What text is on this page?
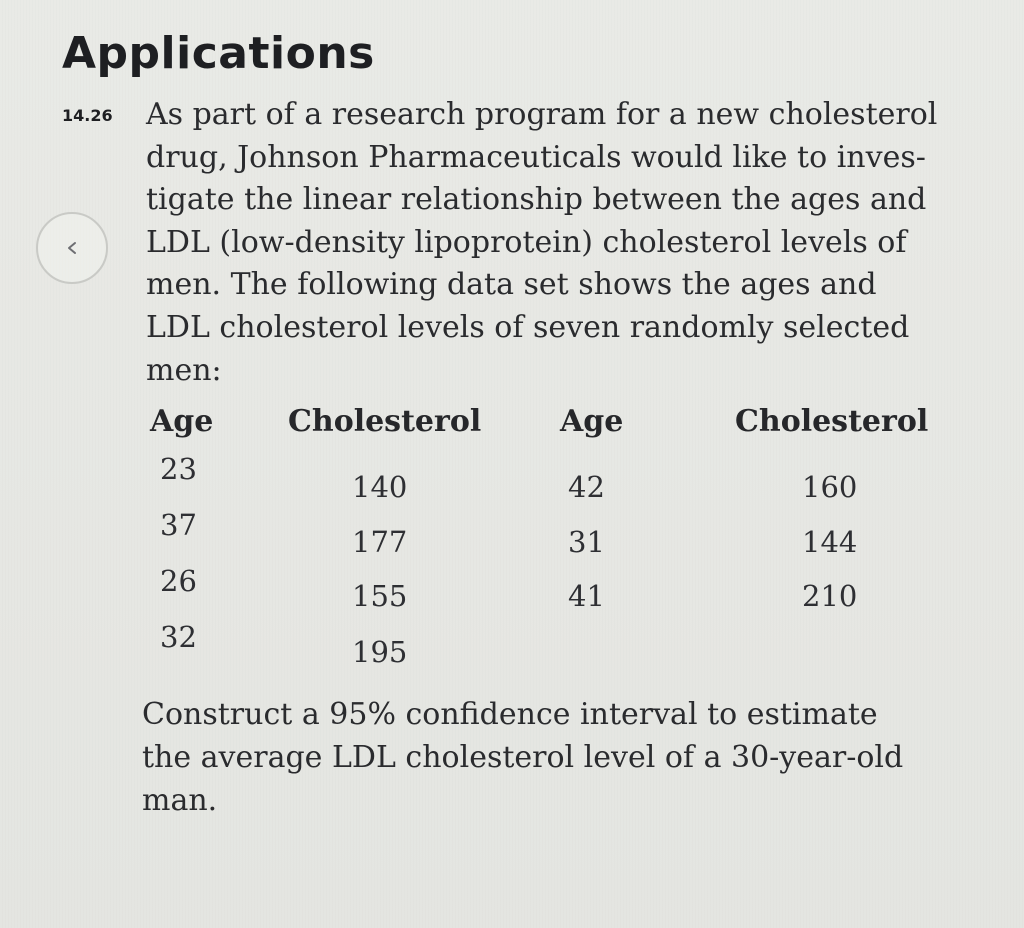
Applications
14.26 As part of a research program for a new cholesterol
drug, Johnson Pharmaceuticals would like to inves-
tigate the linear relationship between the ages and
LDL (low-density lipoprotein) cholesterol levels of
men. The following data set shows the ages and
LDL cholesterol levels of seven randomly selected
men:

Age Cholesterol	Age	Cholesterol
23
37
26
32
140
177
155
195
42
31
41
160
144
210

Construct a 95% confidence interval to estimate
the average LDL cholesterol level of a 30-year-old
man.
